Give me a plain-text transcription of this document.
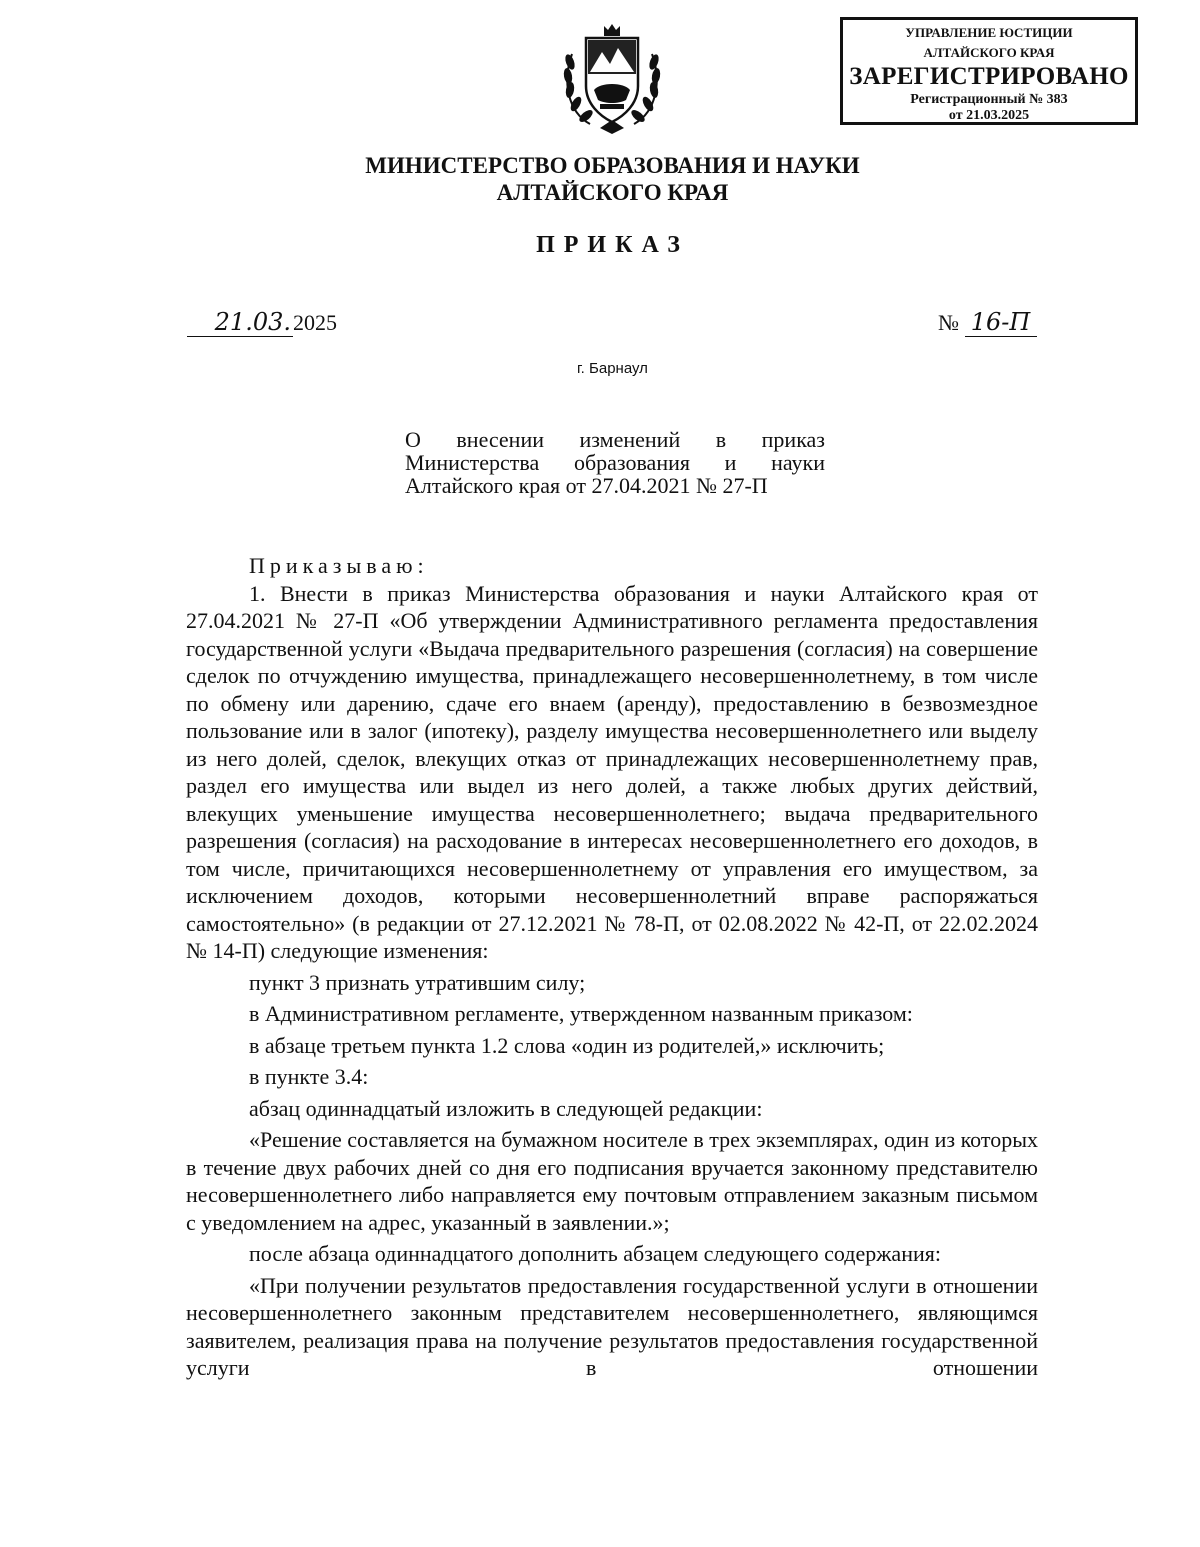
УПРАВЛЕНИЕ ЮСТИЦИИ
АЛТАЙСКОГО КРАЯ
ЗАРЕГИСТРИРОВАНО
Регистрационный № 383
от 21.03.2025
МИНИСТЕРСТВО ОБРАЗОВАНИЯ И НАУКИ
АЛТАЙСКОГО КРАЯ
ПРИКАЗ
21.03.2025	№ 16-П
г. Барнаул
О внесении изменений в приказ
Министерства образования и науки
Алтайского края от 27.04.2021 № 27-П

Приказываю:

1. Внести в приказ Министерства образования и науки Алтайского края от 27.04.2021 № 27-П «Об утверждении Административного регламента предоставления государственной услуги «Выдача предварительного разрешения (согласия) на совершение сделок по отчуждению имущества, принадлежащего несовершеннолетнему, в том числе по обмену или дарению, сдаче его внаем (аренду), предоставлению в безвозмездное пользование или в залог (ипотеку), разделу имущества несовершеннолетнего или выделу из него долей, сделок, влекущих отказ от принадлежащих несовершеннолетнему прав, раздел его имущества или выдел из него долей, а также любых других действий, влекущих уменьшение имущества несовершеннолетнего; выдача предварительного разрешения (согласия) на расходование в интересах несовершеннолетнего его доходов, в том числе, причитающихся несовершеннолетнему от управления его имуществом, за исключением доходов, которыми несовершеннолетний вправе распоряжаться самостоятельно» (в редакции от 27.12.2021 № 78-П, от 02.08.2022 № 42-П, от 22.02.2024 № 14-П) следующие изменения:

пункт 3 признать утратившим силу;

в Административном регламенте, утвержденном названным приказом:

в абзаце третьем пункта 1.2 слова «один из родителей,» исключить;

в пункте 3.4:

абзац одиннадцатый изложить в следующей редакции:

«Решение составляется на бумажном носителе в трех экземплярах, один из которых в течение двух рабочих дней со дня его подписания вручается законному представителю несовершеннолетнего либо направляется ему почтовым отправлением заказным письмом с уведомлением на адрес, указанный в заявлении.»;

после абзаца одиннадцатого дополнить абзацем следующего содержания:

«При получении результатов предоставления государственной услуги в отношении несовершеннолетнего законным представителем несовершеннолетнего, являющимся заявителем, реализация права на получение результатов предоставления государственной услуги в отношении
